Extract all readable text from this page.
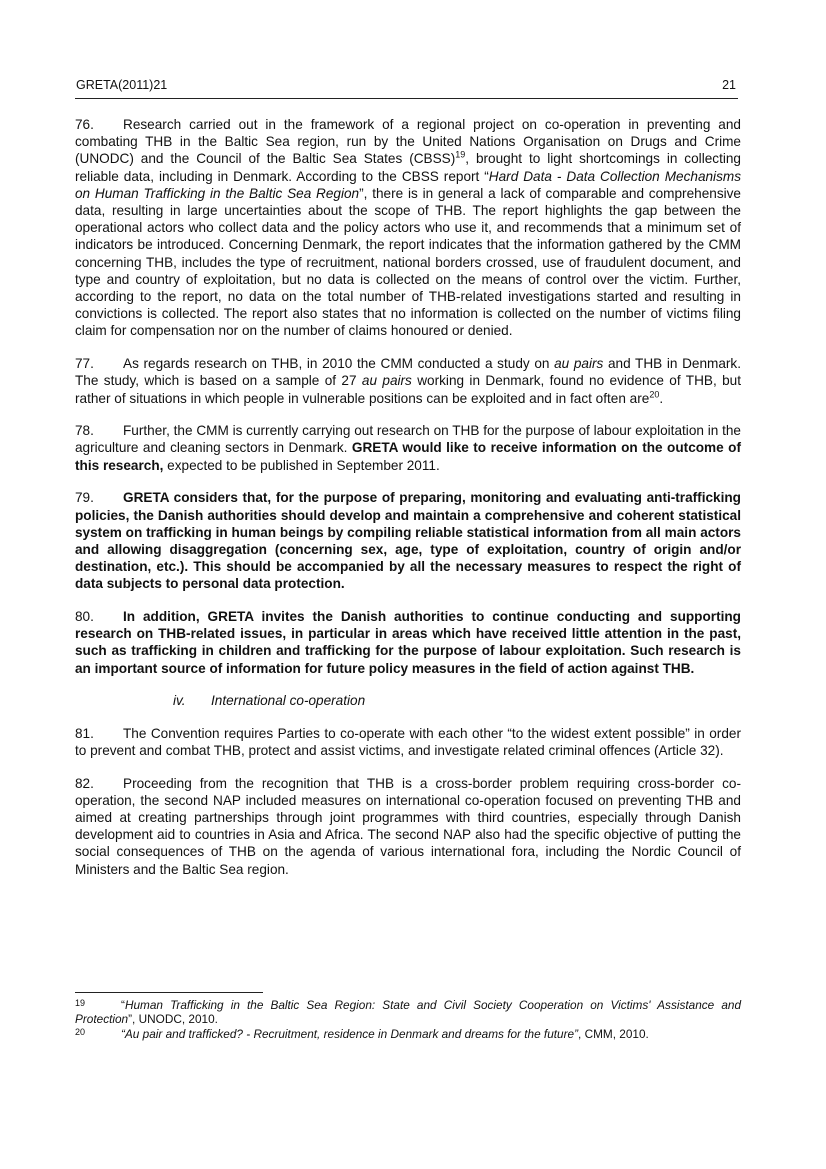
GRETA(2011)21	21

76. Research carried out in the framework of a regional project on co-operation in preventing and combating THB in the Baltic Sea region, run by the United Nations Organisation on Drugs and Crime (UNODC) and the Council of the Baltic Sea States (CBSS)$^{19}$, brought to light shortcomings in collecting reliable data, including in Denmark. According to the CBSS report “Hard Data - Data Collection Mechanisms on Human Trafficking in the Baltic Sea Region”, there is in general a lack of comparable and comprehensive data, resulting in large uncertainties about the scope of THB. The report highlights the gap between the operational actors who collect data and the policy actors who use it, and recommends that a minimum set of indicators be introduced. Concerning Denmark, the report indicates that the information gathered by the CMM concerning THB, includes the type of recruitment, national borders crossed, use of fraudulent document, and type and country of exploitation, but no data is collected on the means of control over the victim. Further, according to the report, no data on the total number of THB-related investigations started and resulting in convictions is collected. The report also states that no information is collected on the number of victims filing claim for compensation nor on the number of claims honoured or denied.

77. As regards research on THB, in 2010 the CMM conducted a study on au pairs and THB in Denmark. The study, which is based on a sample of 27 au pairs working in Denmark, found no evidence of THB, but rather of situations in which people in vulnerable positions can be exploited and in fact often are$^{20}$.

78. Further, the CMM is currently carrying out research on THB for the purpose of labour exploitation in the agriculture and cleaning sectors in Denmark. GRETA would like to receive information on the outcome of this research, expected to be published in September 2011.

79. GRETA considers that, for the purpose of preparing, monitoring and evaluating anti-trafficking policies, the Danish authorities should develop and maintain a comprehensive and coherent statistical system on trafficking in human beings by compiling reliable statistical information from all main actors and allowing disaggregation (concerning sex, age, type of exploitation, country of origin and/or destination, etc.). This should be accompanied by all the necessary measures to respect the right of data subjects to personal data protection.

80. In addition, GRETA invites the Danish authorities to continue conducting and supporting research on THB-related issues, in particular in areas which have received little attention in the past, such as trafficking in children and trafficking for the purpose of labour exploitation. Such research is an important source of information for future policy measures in the field of action against THB.

iv. International co-operation

81. The Convention requires Parties to co-operate with each other “to the widest extent possible” in order to prevent and combat THB, protect and assist victims, and investigate related criminal offences (Article 32).

82. Proceeding from the recognition that THB is a cross-border problem requiring cross-border co-operation, the second NAP included measures on international co-operation focused on preventing THB and aimed at creating partnerships through joint programmes with third countries, especially through Danish development aid to countries in Asia and Africa. The second NAP also had the specific objective of putting the social consequences of THB on the agenda of various international fora, including the Nordic Council of Ministers and the Baltic Sea region.

19	“Human Trafficking in the Baltic Sea Region: State and Civil Society Cooperation on Victims' Assistance and Protection”, UNODC, 2010.
20	“Au pair and trafficked? - Recruitment, residence in Denmark and dreams for the future”, CMM, 2010.
